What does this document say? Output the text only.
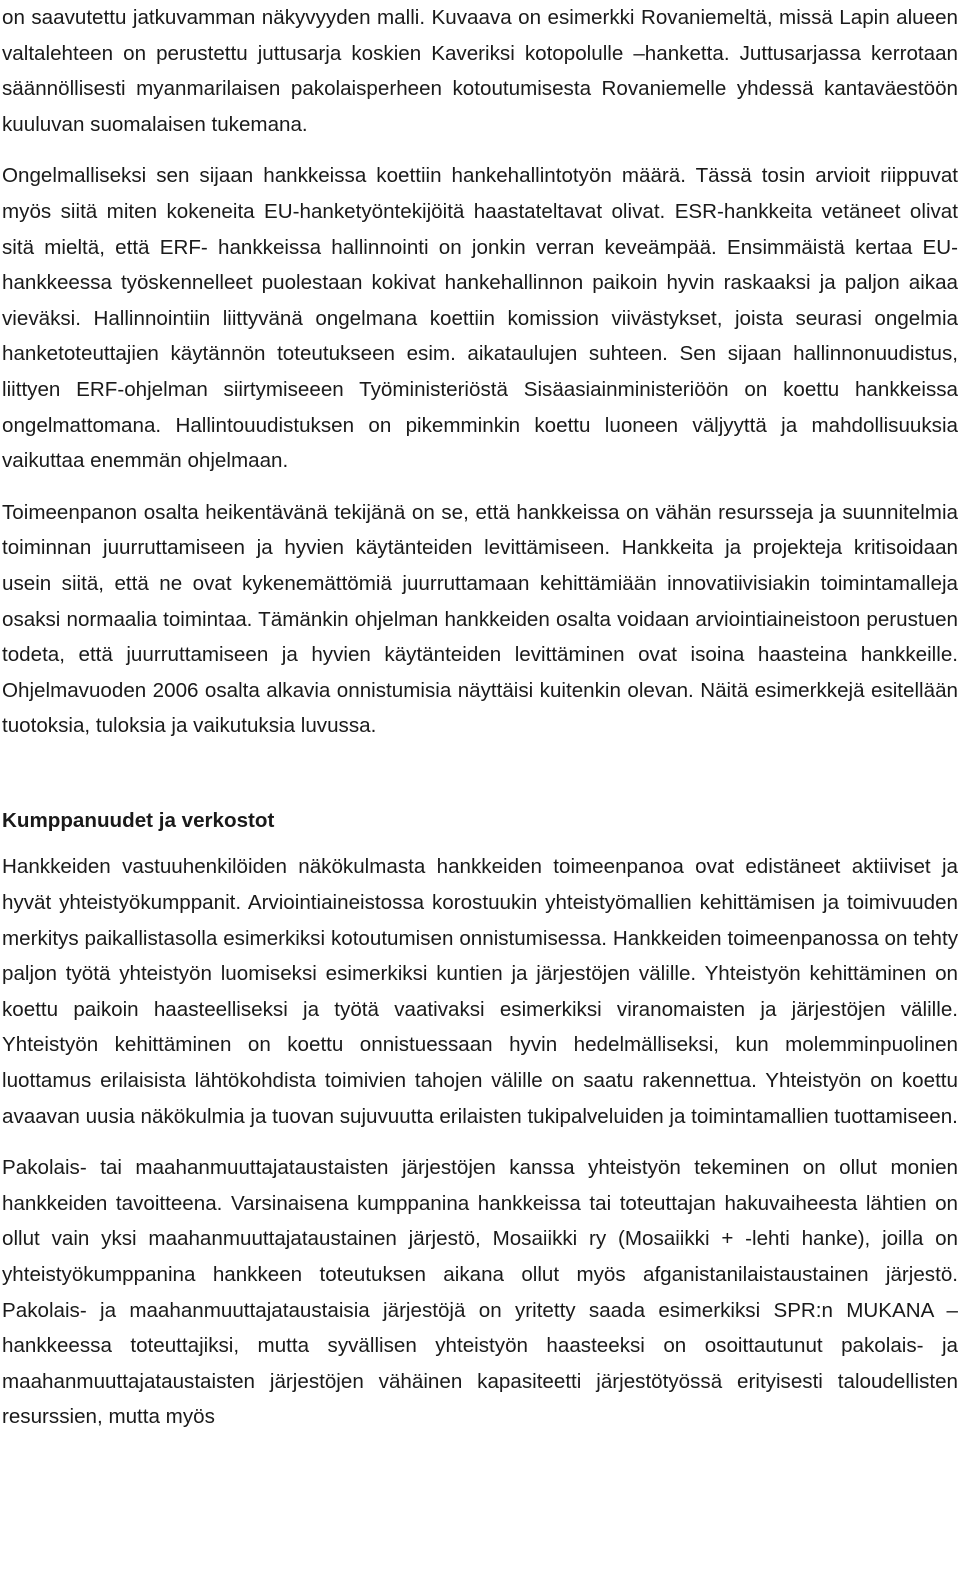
on saavutettu jatkuvamman näkyvyyden malli. Kuvaava on esimerkki Rovaniemeltä, missä Lapin alueen valtalehteen on perustettu juttusarja koskien Kaveriksi kotopolulle –hanketta. Juttusarjassa kerrotaan säännöllisesti myanmarilaisen pakolaisperheen kotoutumisesta Rovaniemelle yhdessä kantaväestöön kuuluvan suomalaisen tukemana.

Ongelmalliseksi sen sijaan hankkeissa koettiin hankehallintotyön määrä. Tässä tosin arvioit riippuvat myös siitä miten kokeneita EU-hanketyöntekijöitä haastateltavat olivat. ESR-hankkeita vetäneet olivat sitä mieltä, että ERF- hankkeissa hallinnointi on jonkin verran keveämpää. Ensimmäistä kertaa EU-hankkeessa työskennelleet puolestaan kokivat hankehallinnon paikoin hyvin raskaaksi ja paljon aikaa vieväksi. Hallinnointiin liittyvänä ongelmana koettiin komission viivästykset, joista seurasi ongelmia hanketoteuttajien käytännön toteutukseen esim. aikataulujen suhteen. Sen sijaan hallinnonuudistus, liittyen ERF-ohjelman siirtymiseeen Työministeriöstä Sisäasiainministeriöön on koettu hankkeissa ongelmattomana. Hallintouudistuksen on pikemminkin koettu luoneen väljyyttä ja mahdollisuuksia vaikuttaa enemmän ohjelmaan.

Toimeenpanon osalta heikentävänä tekijänä on se, että hankkeissa on vähän resursseja ja suunnitelmia toiminnan juurruttamiseen ja hyvien käytänteiden levittämiseen. Hankkeita ja projekteja kritisoidaan usein siitä, että ne ovat kykenemättömiä juurruttamaan kehittämiään innovatiivisiakin toimintamalleja osaksi normaalia toimintaa. Tämänkin ohjelman hankkeiden osalta voidaan arviointiaineistoon perustuen todeta, että juurruttamiseen ja hyvien käytänteiden levittäminen ovat isoina haasteina hankkeille. Ohjelmavuoden 2006 osalta alkavia onnistumisia näyttäisi kuitenkin olevan. Näitä esimerkkejä esitellään tuotoksia, tuloksia ja vaikutuksia luvussa.

Kumppanuudet ja verkostot

Hankkeiden vastuuhenkilöiden näkökulmasta hankkeiden toimeenpanoa ovat edistäneet aktiiviset ja hyvät yhteistyökumppanit. Arviointiaineistossa korostuukin yhteistyömallien kehittämisen ja toimivuuden merkitys paikallistasolla esimerkiksi kotoutumisen onnistumisessa. Hankkeiden toimeenpanossa on tehty paljon työtä yhteistyön luomiseksi esimerkiksi kuntien ja järjestöjen välille. Yhteistyön kehittäminen on koettu paikoin haasteelliseksi ja työtä vaativaksi esimerkiksi viranomaisten ja järjestöjen välille. Yhteistyön kehittäminen on koettu onnistuessaan hyvin hedelmälliseksi, kun molemminpuolinen luottamus erilaisista lähtökohdista toimivien tahojen välille on saatu rakennettua. Yhteistyön on koettu avaavan uusia näkökulmia ja tuovan sujuvuutta erilaisten tukipalveluiden ja toimintamallien tuottamiseen.

Pakolais- tai maahanmuuttajataustaisten järjestöjen kanssa yhteistyön tekeminen on ollut monien hankkeiden tavoitteena. Varsinaisena kumppanina hankkeissa tai toteuttajan hakuvaiheesta lähtien on ollut vain yksi maahanmuuttajataustainen järjestö, Mosaiikki ry (Mosaiikki + -lehti hanke), joilla on yhteistyökumppanina hankkeen toteutuksen aikana ollut myös afganistanilaistaustainen järjestö. Pakolais- ja maahanmuuttajataustaisia järjestöjä on yritetty saada esimerkiksi SPR:n MUKANA –hankkeessa toteuttajiksi, mutta syvällisen yhteistyön haasteeksi on osoittautunut pakolais- ja maahanmuuttajataustaisten järjestöjen vähäinen kapasiteetti järjestötyössä erityisesti taloudellisten resurssien, mutta myös
